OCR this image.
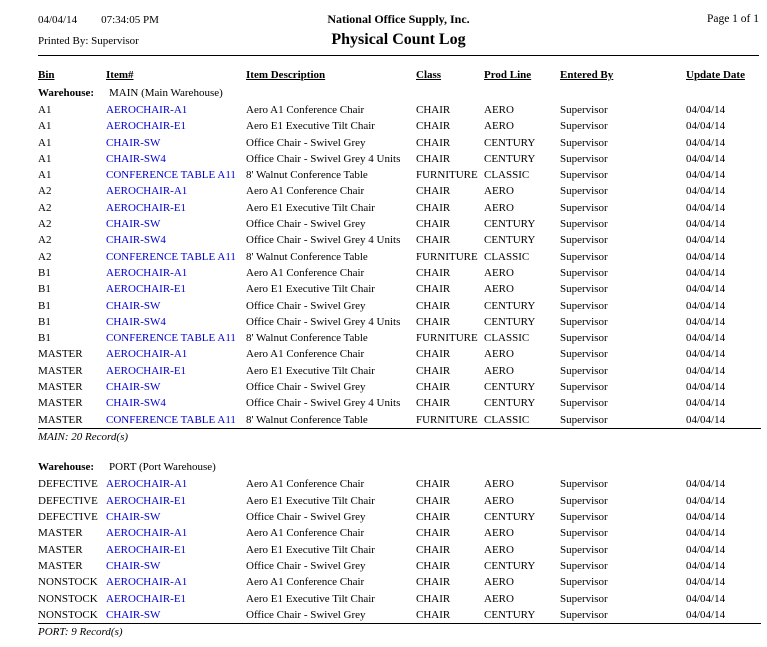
04/04/14 07:34:05 PM
Printed By: Supervisor
National Office Supply, Inc.
Physical Count Log
Page 1 of 1
Bin	Item#	Item Description	Class	Prod Line	Entered By	Update Date
Warehouse:	MAIN (Main Warehouse)					
A1	AEROCHAIR-A1	Aero A1 Conference Chair	CHAIR	AERO	Supervisor	04/04/14
A1	AEROCHAIR-E1	Aero E1 Executive Tilt Chair	CHAIR	AERO	Supervisor	04/04/14
A1	CHAIR-SW	Office Chair - Swivel Grey	CHAIR	CENTURY	Supervisor	04/04/14
A1	CHAIR-SW4	Office Chair - Swivel Grey 4 Units	CHAIR	CENTURY	Supervisor	04/04/14
A1	CONFERENCE TABLE A11	8' Walnut Conference Table	FURNITURE	CLASSIC	Supervisor	04/04/14
A2	AEROCHAIR-A1	Aero A1 Conference Chair	CHAIR	AERO	Supervisor	04/04/14
A2	AEROCHAIR-E1	Aero E1 Executive Tilt Chair	CHAIR	AERO	Supervisor	04/04/14
A2	CHAIR-SW	Office Chair - Swivel Grey	CHAIR	CENTURY	Supervisor	04/04/14
A2	CHAIR-SW4	Office Chair - Swivel Grey 4 Units	CHAIR	CENTURY	Supervisor	04/04/14
A2	CONFERENCE TABLE A11	8' Walnut Conference Table	FURNITURE	CLASSIC	Supervisor	04/04/14
B1	AEROCHAIR-A1	Aero A1 Conference Chair	CHAIR	AERO	Supervisor	04/04/14
B1	AEROCHAIR-E1	Aero E1 Executive Tilt Chair	CHAIR	AERO	Supervisor	04/04/14
B1	CHAIR-SW	Office Chair - Swivel Grey	CHAIR	CENTURY	Supervisor	04/04/14
B1	CHAIR-SW4	Office Chair - Swivel Grey 4 Units	CHAIR	CENTURY	Supervisor	04/04/14
B1	CONFERENCE TABLE A11	8' Walnut Conference Table	FURNITURE	CLASSIC	Supervisor	04/04/14
MASTER	AEROCHAIR-A1	Aero A1 Conference Chair	CHAIR	AERO	Supervisor	04/04/14
MASTER	AEROCHAIR-E1	Aero E1 Executive Tilt Chair	CHAIR	AERO	Supervisor	04/04/14
MASTER	CHAIR-SW	Office Chair - Swivel Grey	CHAIR	CENTURY	Supervisor	04/04/14
MASTER	CHAIR-SW4	Office Chair - Swivel Grey 4 Units	CHAIR	CENTURY	Supervisor	04/04/14
MASTER	CONFERENCE TABLE A11	8' Walnut Conference Table	FURNITURE	CLASSIC	Supervisor	04/04/14
MAIN: 20 Record(s)						

Warehouse:	PORT (Port Warehouse)					
DEFECTIVE	AEROCHAIR-A1	Aero A1 Conference Chair	CHAIR	AERO	Supervisor	04/04/14
DEFECTIVE	AEROCHAIR-E1	Aero E1 Executive Tilt Chair	CHAIR	AERO	Supervisor	04/04/14
DEFECTIVE	CHAIR-SW	Office Chair - Swivel Grey	CHAIR	CENTURY	Supervisor	04/04/14
MASTER	AEROCHAIR-A1	Aero A1 Conference Chair	CHAIR	AERO	Supervisor	04/04/14
MASTER	AEROCHAIR-E1	Aero E1 Executive Tilt Chair	CHAIR	AERO	Supervisor	04/04/14
MASTER	CHAIR-SW	Office Chair - Swivel Grey	CHAIR	CENTURY	Supervisor	04/04/14
NONSTOCK	AEROCHAIR-A1	Aero A1 Conference Chair	CHAIR	AERO	Supervisor	04/04/14
NONSTOCK	AEROCHAIR-E1	Aero E1 Executive Tilt Chair	CHAIR	AERO	Supervisor	04/04/14
NONSTOCK	CHAIR-SW	Office Chair - Swivel Grey	CHAIR	CENTURY	Supervisor	04/04/14
PORT: 9 Record(s)						
